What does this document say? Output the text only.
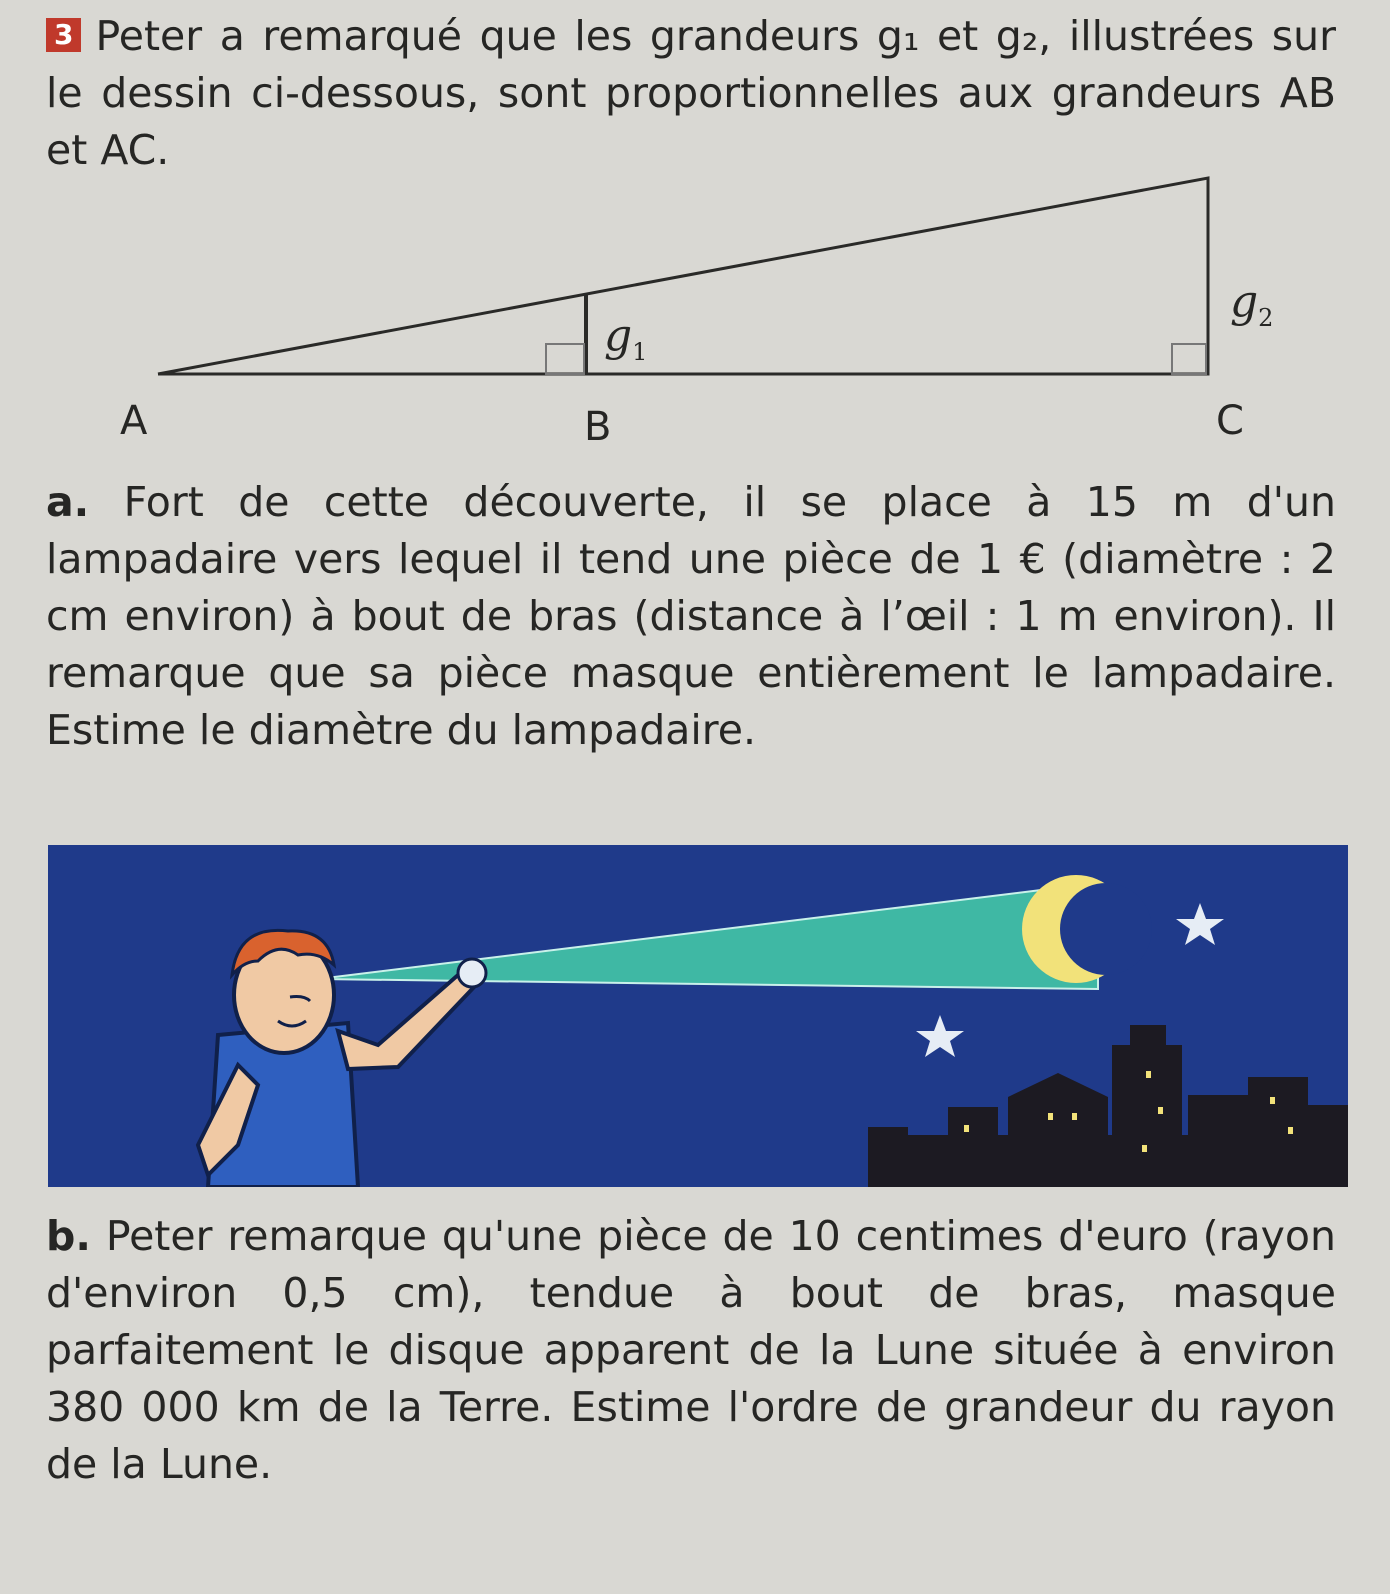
3 Peter a remarqué que les grandeurs g₁ et g₂, illustrées sur le dessin ci-dessous, sont proportionnelles aux grandeurs AB et AC.

A	B	C
$g_1$
$g_2$

a. Fort de cette découverte, il se place à 15 m d'un lampadaire vers lequel il tend une pièce de 1 € (diamètre : 2 cm environ) à bout de bras (distance à l’œil : 1 m environ). Il remarque que sa pièce masque entièrement le lampadaire. Estime le diamètre du lampadaire.

b. Peter remarque qu'une pièce de 10 centimes d'euro (rayon d'environ 0,5 cm), tendue à bout de bras, masque parfaitement le disque apparent de la Lune située à environ 380 000 km de la Terre. Estime l'ordre de grandeur du rayon de la Lune.
